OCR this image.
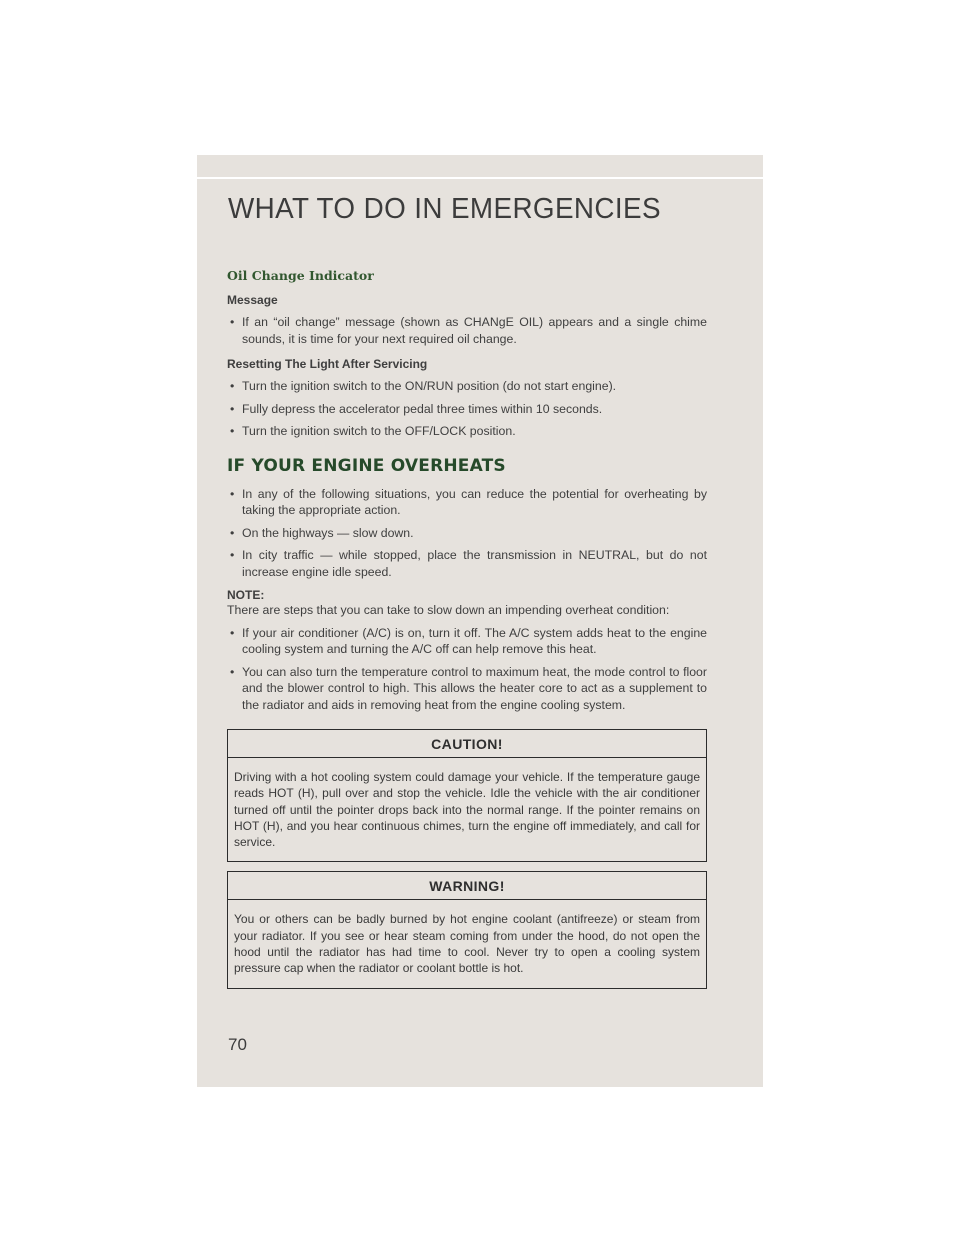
WHAT TO DO IN EMERGENCIES
Oil Change Indicator
Message
• If an “oil change” message (shown as CHANgE OIL) appears and a single chime sounds, it is time for your next required oil change.
Resetting The Light After Servicing
• Turn the ignition switch to the ON/RUN position (do not start engine).
• Fully depress the accelerator pedal three times within 10 seconds.
• Turn the ignition switch to the OFF/LOCK position.
IF YOUR ENGINE OVERHEATS
• In any of the following situations, you can reduce the potential for overheating by taking the appropriate action.
• On the highways — slow down.
• In city traffic — while stopped, place the transmission in NEUTRAL, but do not increase engine idle speed.
NOTE:
There are steps that you can take to slow down an impending overheat condition:
• If your air conditioner (A/C) is on, turn it off. The A/C system adds heat to the engine cooling system and turning the A/C off can help remove this heat.
• You can also turn the temperature control to maximum heat, the mode control to floor and the blower control to high. This allows the heater core to act as a supplement to the radiator and aids in removing heat from the engine cooling system.
CAUTION!
Driving with a hot cooling system could damage your vehicle. If the temperature gauge reads HOT (H), pull over and stop the vehicle. Idle the vehicle with the air conditioner turned off until the pointer drops back into the normal range. If the pointer remains on HOT (H), and you hear continuous chimes, turn the engine off immediately, and call for service.
WARNING!
You or others can be badly burned by hot engine coolant (antifreeze) or steam from your radiator. If you see or hear steam coming from under the hood, do not open the hood until the radiator has had time to cool. Never try to open a cooling system pressure cap when the radiator or coolant bottle is hot.
70
